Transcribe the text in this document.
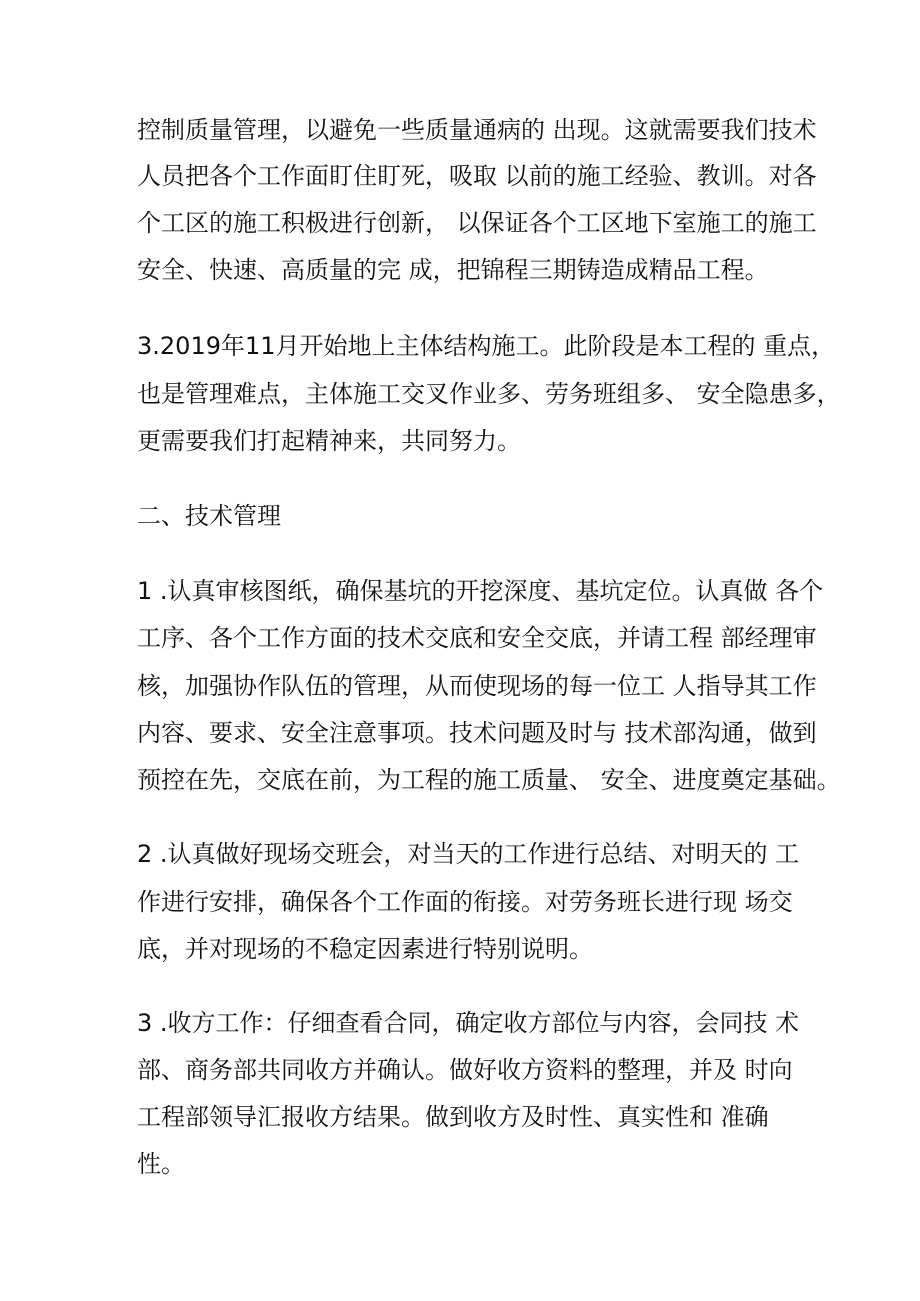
控制质量管理，以避免一些质量通病的 出现。这就需要我们技术
人员把各个工作面盯住盯死，吸取 以前的施工经验、教训。对各
个工区的施工积极进行创新， 以保证各个工区地下室施工的施工
安全、快速、高质量的完 成，把锦程三期铸造成精品工程。
3.2019年11月开始地上主体结构施工。此阶段是本工程的 重点，
也是管理难点，主体施工交叉作业多、劳务班组多、 安全隐患多，
更需要我们打起精神来，共同努力。
二、技术管理
1 .认真审核图纸，确保基坑的开挖深度、基坑定位。认真做 各个
工序、各个工作方面的技术交底和安全交底，并请工程 部经理审
核，加强协作队伍的管理，从而使现场的每一位工 人指导其工作
内容、要求、安全注意事项。技术问题及时与 技术部沟通，做到
预控在先，交底在前，为工程的施工质量、 安全、进度奠定基础。
2 .认真做好现场交班会，对当天的工作进行总结、对明天的 工
作进行安排，确保各个工作面的衔接。对劳务班长进行现 场交
底，并对现场的不稳定因素进行特别说明。
3 .收方工作：仔细查看合同，确定收方部位与内容，会同技 术
部、商务部共同收方并确认。做好收方资料的整理，并及 时向
工程部领导汇报收方结果。做到收方及时性、真实性和 准确
性。
